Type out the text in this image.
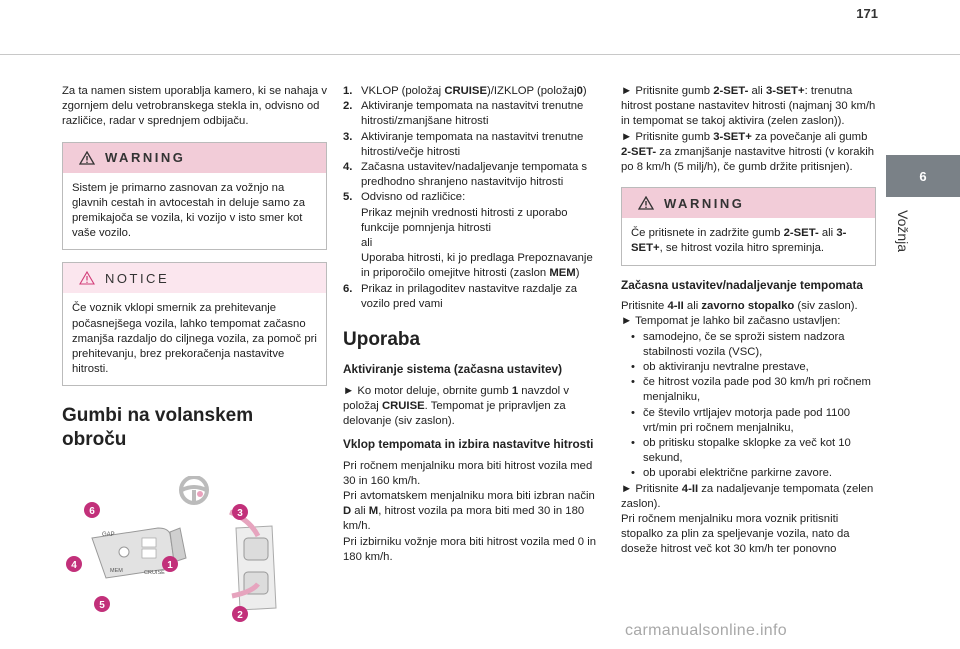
171
6
Vožnja

Za ta namen sistem uporablja kamero, ki se nahaja v zgornjem delu vetrobranskega stekla in, odvisno od različice, radar v sprednjem odbijaču.

WARNING
Sistem je primarno zasnovan za vožnjo na glavnih cestah in avtocestah in deluje samo za premikajoča se vozila, ki vozijo v isto smer kot vaše vozilo.
NOTICE
Če voznik vklopi smernik za prehitevanje počasnejšega vozila, lahko tempomat začasno zmanjša razdaljo do ciljnega vozila, za pomoč pri prehitevanju, brez prekoračenja nastavitve hitrosti.
Gumbi na volanskem
obroču
GAP
MEM	CRUISE
6
4
5
3
1
2
1. VKLOP (položaj CRUISE)/IZKLOP (položaj0)
2. Aktiviranje tempomata na nastavitvi trenutne hitrosti/zmanjšane hitrosti
3. Aktiviranje tempomata na nastavitvi trenutne hitrosti/večje hitrosti
4. Začasna ustavitev/nadaljevanje tempomata s predhodno shranjeno nastavitvijo hitrosti
5. Odvisno od različice:
Prikaz mejnih vrednosti hitrosti z uporabo funkcije pomnjenja hitrosti
ali
Uporaba hitrosti, ki jo predlaga Prepoznavanje in priporočilo omejitve hitrosti (zaslon MEM)
6. Prikaz in prilagoditev nastavitve razdalje za vozilo pred vami
Uporaba
Aktiviranje sistema (začasna ustavitev)

► Ko motor deluje, obrnite gumb 1 navzdol v položaj CRUISE. Tempomat je pripravljen za delovanje (siv zaslon).

Vklop tempomata in izbira nastavitve hitrosti

Pri ročnem menjalniku mora biti hitrost vozila med 30 in 160 km/h.
Pri avtomatskem menjalniku mora biti izbran način D ali M, hitrost vozila pa mora biti med 30 in 180 km/h.
Pri izbirniku vožnje mora biti hitrost vozila med 0 in 180 km/h.

► Pritisnite gumb 2-SET- ali 3-SET+: trenutna hitrost postane nastavitev hitrosti (najmanj 30 km/h in tempomat se takoj aktivira (zelen zaslon)).

► Pritisnite gumb 3-SET+ za povečanje ali gumb 2-SET- za zmanjšanje nastavitve hitrosti (v korakih po 8 km/h (5 milj/h), če gumb držite pritisnjen).

WARNING
Če pritisnete in zadržite gumb 2-SET- ali 3-SET+, se hitrost vozila hitro spreminja.
Začasna ustavitev/nadaljevanje tempomata

Pritisnite 4-II ali zavorno stopalko (siv zaslon).

► Tempomat je lahko bil začasno ustavljen:

• samodejno, če se sproži sistem nadzora stabilnosti vozila (VSC),
• ob aktiviranju nevtralne prestave,
• če hitrost vozila pade pod 30 km/h pri ročnem menjalniku,
• če število vrtljajev motorja pade pod 1100 vrt/min pri ročnem menjalniku,
• ob pritisku stopalke sklopke za več kot 10 sekund,
• ob uporabi električne parkirne zavore.

► Pritisnite 4-II za nadaljevanje tempomata (zelen zaslon).

Pri ročnem menjalniku mora voznik pritisniti stopalko za plin za speljevanje vozila, nato da doseže hitrost več kot 30 km/h ter ponovno

carmanualsonline.info
